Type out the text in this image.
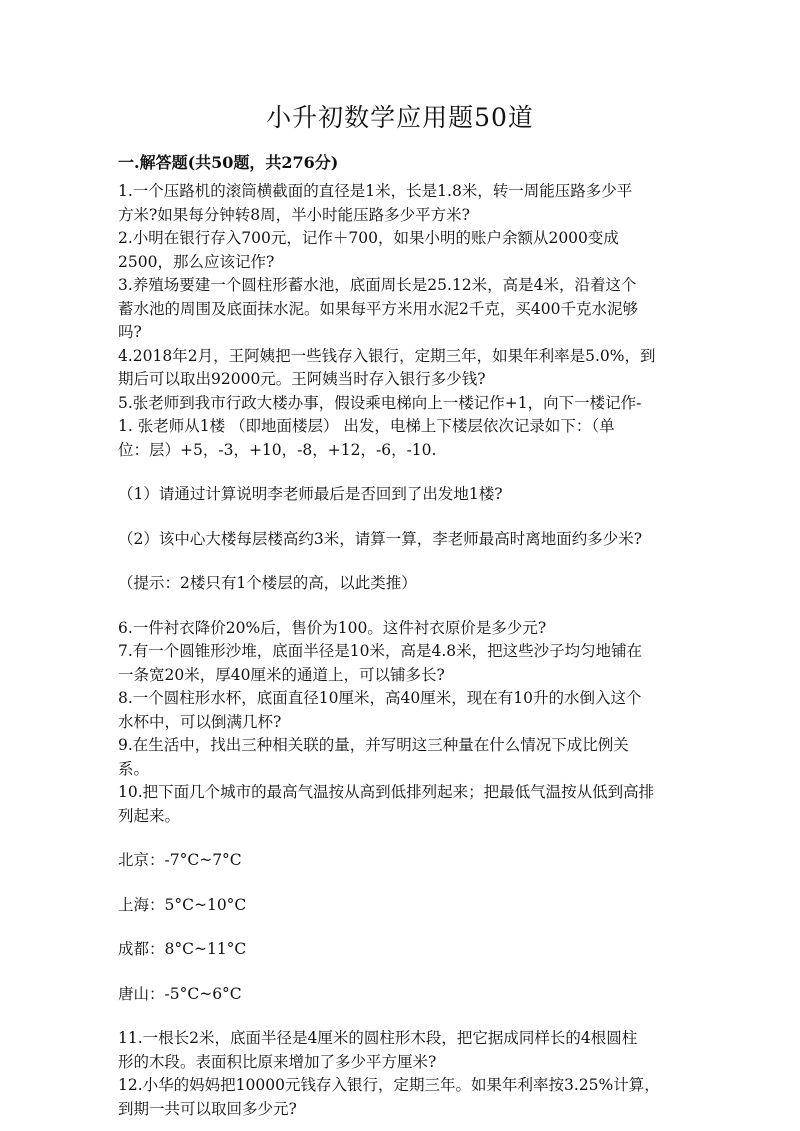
小升初数学应用题50道
一.解答题(共50题，共276分)

1.一个压路机的滚筒横截面的直径是1米，长是1.8米，转一周能压路多少平

方米?如果每分钟转8周，半小时能压路多少平方米?

2.小明在银行存入700元，记作＋700，如果小明的账户余额从2000变成

2500，那么应该记作?

3.养殖场要建一个圆柱形蓄水池，底面周长是25.12米，高是4米，沿着这个

蓄水池的周围及底面抹水泥。如果每平方米用水泥2千克，买400千克水泥够

吗?

4.2018年2月，王阿姨把一些钱存入银行，定期三年，如果年利率是5.0%，到

期后可以取出92000元。王阿姨当时存入银行多少钱?

5.张老师到我市行政大楼办事，假设乘电梯向上一楼记作+1，向下一楼记作-

1. 张老师从1楼 （即地面楼层） 出发，电梯上下楼层依次记录如下：（单

位：层）+5，-3，+10，-8，+12，-6，-10.

（1）请通过计算说明李老师最后是否回到了出发地1楼?

（2）该中心大楼每层楼高约3米，请算一算，李老师最高时离地面约多少米?

（提示：2楼只有1个楼层的高，以此类推）

6.一件衬衣降价20%后，售价为100。这件衬衣原价是多少元?

7.有一个圆锥形沙堆，底面半径是10米，高是4.8米，把这些沙子均匀地铺在

一条宽20米，厚40厘米的通道上，可以铺多长?

8.一个圆柱形水杯，底面直径10厘米，高40厘米，现在有10升的水倒入这个

水杯中，可以倒满几杯?

9.在生活中，找出三种相关联的量，并写明这三种量在什么情况下成比例关

系。

10.把下面几个城市的最高气温按从高到低排列起来；把最低气温按从低到高排

列起来。

北京：-7°C~7°C

上海：5°C~10°C

成都：8°C~11°C

唐山：-5°C~6°C

11.一根长2米，底面半径是4厘米的圆柱形木段，把它据成同样长的4根圆柱

形的木段。表面积比原来增加了多少平方厘米?

12.小华的妈妈把10000元钱存入银行，定期三年。如果年利率按3.25%计算，

到期一共可以取回多少元?
